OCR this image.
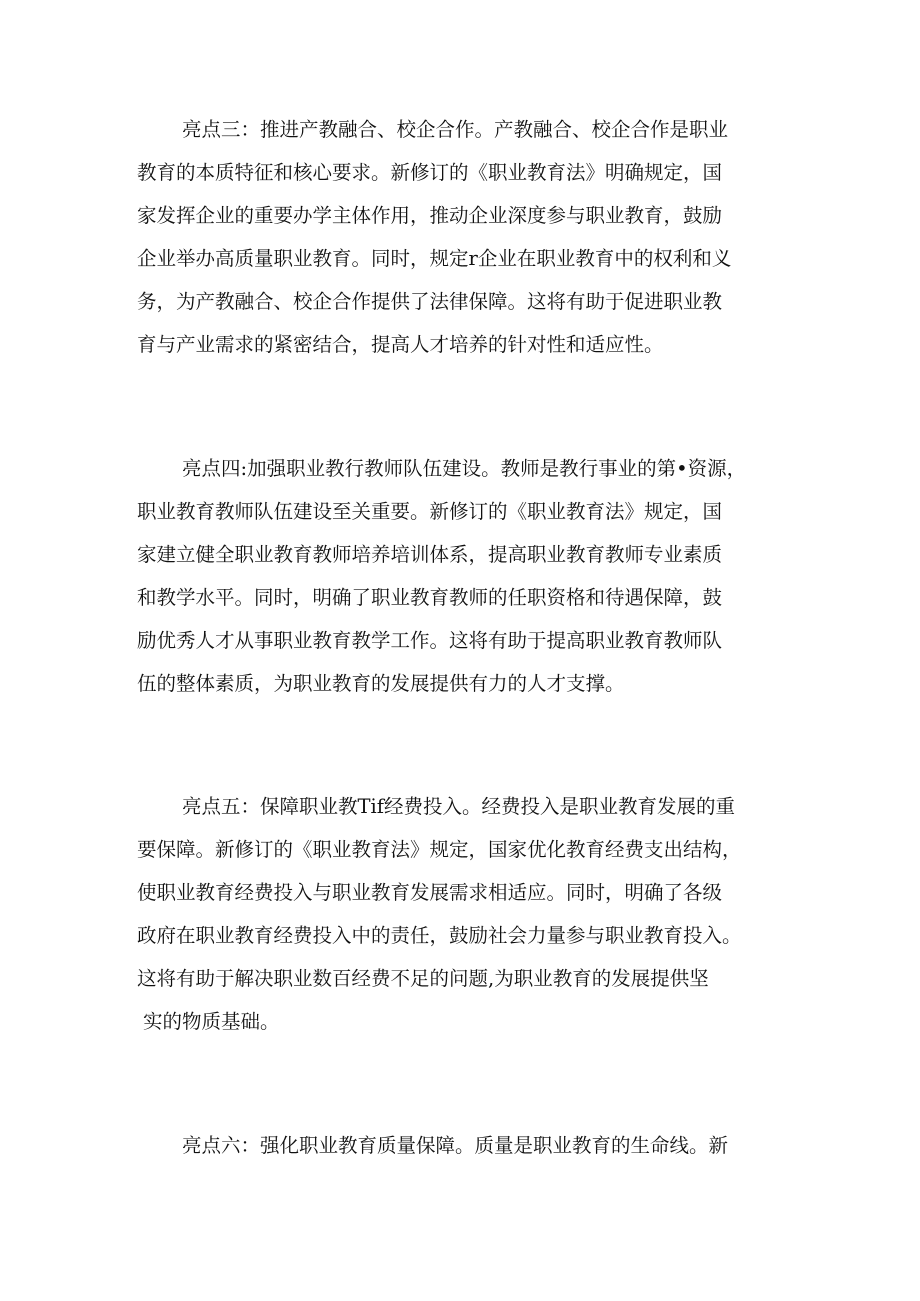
亮点三：推进产教融合、校企合作。产教融合、校企合作是职业
教育的本质特征和核心要求。新修订的《职业教育法》明确规定，国
家发挥企业的重要办学主体作用，推动企业深度参与职业教育，鼓励
企业举办高质量职业教育。同时，规定r企业在职业教育中的权利和义
务，为产教融合、校企合作提供了法律保障。这将有助于促进职业教
育与产业需求的紧密结合，提高人才培养的针对性和适应性。
亮点四:加强职业教行教师队伍建设。教师是教行事业的第•资源，
职业教育教师队伍建设至关重要。新修订的《职业教育法》规定，国
家建立健全职业教育教师培养培训体系，提高职业教育教师专业素质
和教学水平。同时，明确了职业教育教师的任职资格和待遇保障，鼓
励优秀人才从事职业教育教学工作。这将有助于提高职业教育教师队
伍的整体素质，为职业教育的发展提供有力的人才支撑。
亮点五：保障职业教Tif经费投入。经费投入是职业教育发展的重
要保障。新修订的《职业教育法》规定，国家优化教育经费支出结构，
使职业教育经费投入与职业教育发展需求相适应。同时，明确了各级
政府在职业教育经费投入中的责任，鼓励社会力量参与职业教育投入。
这将有助于解决职业数百经费不足的问题,为职业教育的发展提供坚
实的物质基础。
亮点六：强化职业教育质量保障。质量是职业教育的生命线。新
